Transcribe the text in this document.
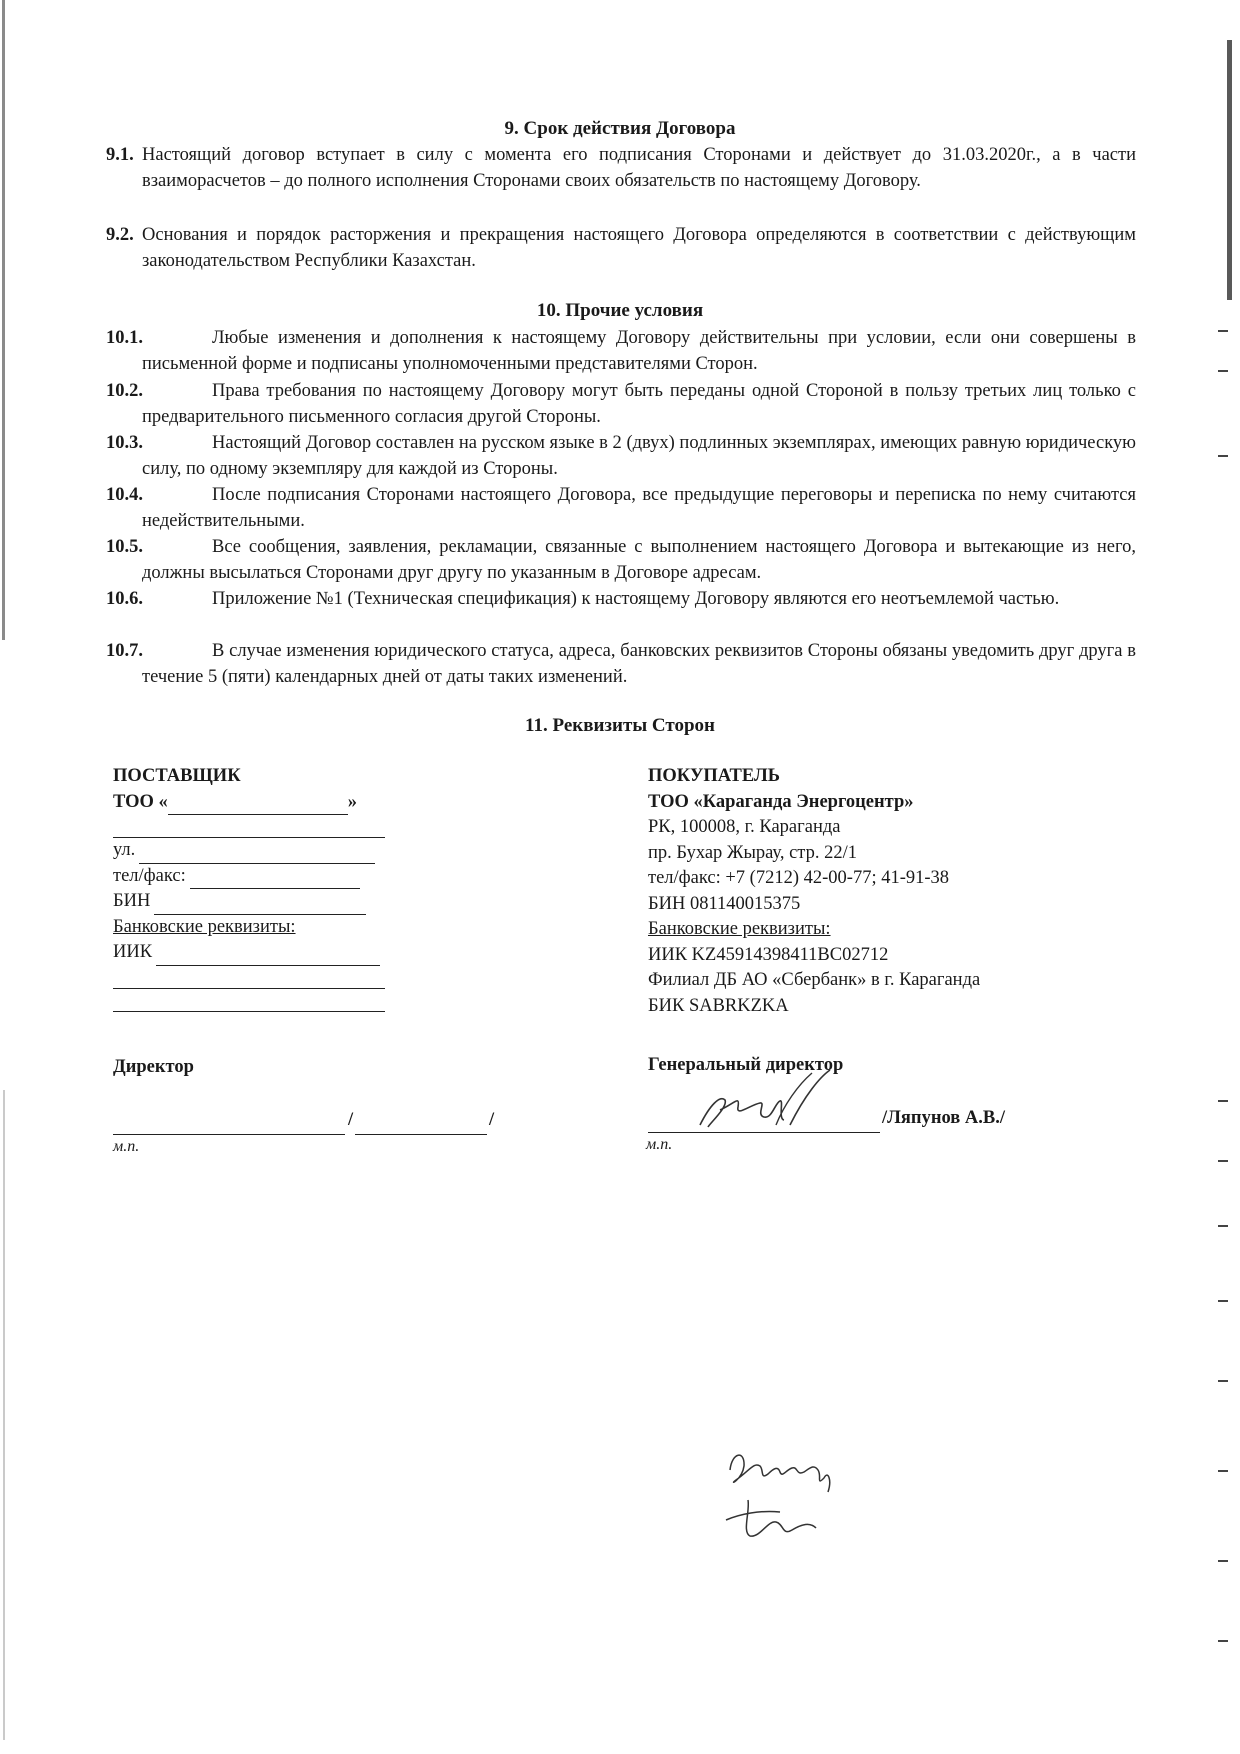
9. Срок действия Договора
9.1. Настоящий договор вступает в силу с момента его подписания Сторонами и действует до 31.03.2020г., а в части взаиморасчетов – до полного исполнения Сторонами своих обязательств по настоящему Договору.
9.2. Основания и порядок расторжения и прекращения настоящего Договора определяются в соответствии с действующим законодательством Республики Казахстан.
10. Прочие условия
10.1.	Любые изменения и дополнения к настоящему Договору действительны при условии, если они совершены в письменной форме и подписаны уполномоченными представителями Сторон.
10.2.	Права требования по настоящему Договору могут быть переданы одной Стороной в пользу третьих лиц только с предварительного письменного согласия другой Стороны.
10.3.	Настоящий Договор составлен на русском языке в 2 (двух) подлинных экземплярах, имеющих равную юридическую силу, по одному экземпляру для каждой из Стороны.
10.4.	После подписания Сторонами настоящего Договора, все предыдущие переговоры и переписка по нему считаются недействительными.
10.5.	Все сообщения, заявления, рекламации, связанные с выполнением настоящего Договора и вытекающие из него, должны высылаться Сторонами друг другу по указанным в Договоре адресам.
10.6.	Приложение №1 (Техническая спецификация) к настоящему Договору являются его неотъемлемой частью.
10.7.	В случае изменения юридического статуса, адреса, банковских реквизитов Стороны обязаны уведомить друг друга в течение 5 (пяти) календарных дней от даты таких изменений.
11. Реквизиты Сторон
ПОСТАВЩИК
ТОО «	»
ул.
тел/факс:
БИН
Банковские реквизиты:
ИИК
Директор
/	/
м.п.
ПОКУПАТЕЛЬ
ТОО «Караганда Энергоцентр»
РК, 100008, г. Караганда
пр. Бухар Жырау, стр. 22/1
тел/факс: +7 (7212) 42-00-77; 41-91-38
БИН 081140015375
Банковские реквизиты:
ИИК KZ45914398411BC02712
Филиал ДБ АО «Сбербанк» в г. Караганда
БИК SABRKZKA
Генеральный директор
/Ляпунов А.В./
м.п.
